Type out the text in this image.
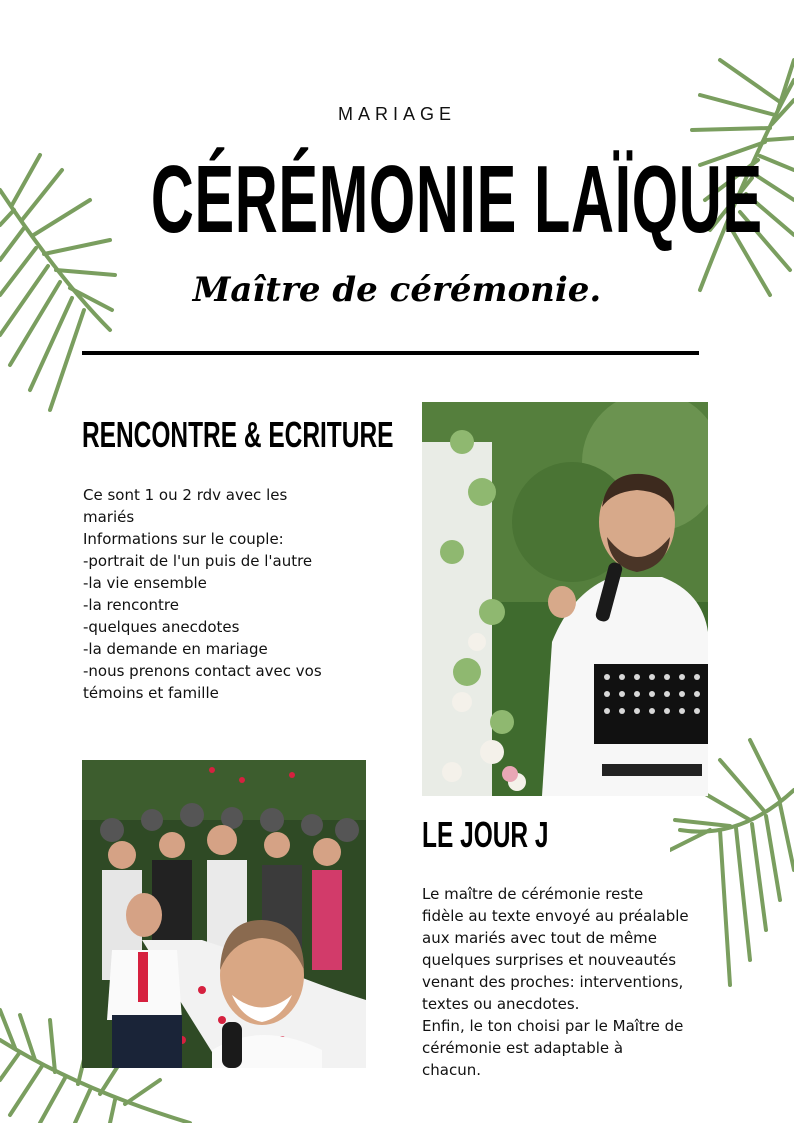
MARIAGE
CÉRÉMONIE LAÏQUE
Maître de cérémonie.
RENCONTRE & ECRITURE
Ce sont 1 ou 2 rdv avec les
mariés
Informations sur le couple:
-portrait de l'un puis de l'autre
-la vie ensemble
-la rencontre
-quelques anecdotes
-la demande en mariage
-nous prenons contact avec vos
témoins et famille
LE JOUR J
Le maître de cérémonie reste
fidèle au texte envoyé au préalable
aux mariés avec tout de même
quelques surprises et nouveautés
venant des proches: interventions,
textes ou anecdotes.
Enfin, le ton choisi par le Maître de
cérémonie est adaptable à
chacun.
